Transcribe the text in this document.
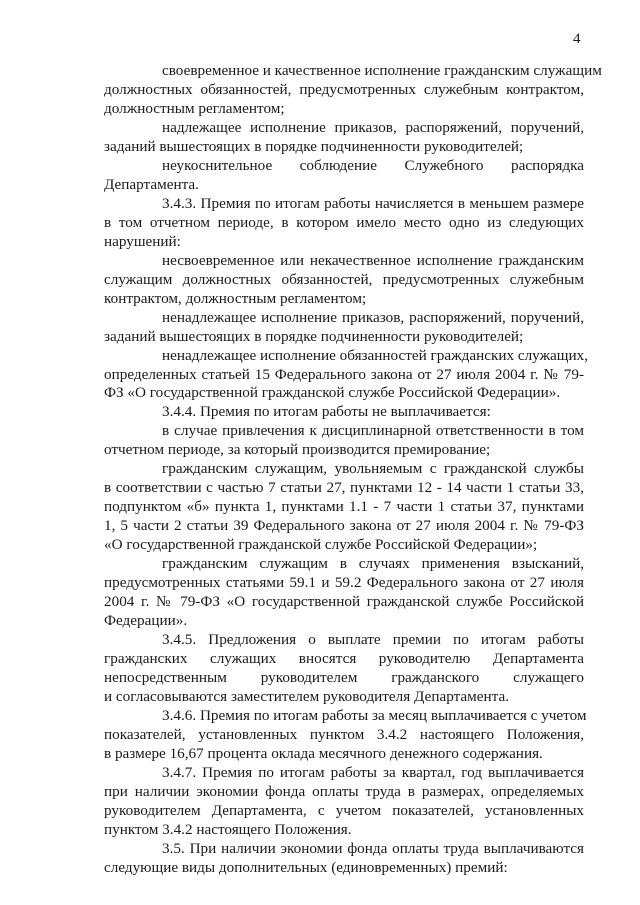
4
своевременное и качественное исполнение гражданским служащим
должностных обязанностей, предусмотренных служебным контрактом,
должностным регламентом;
надлежащее исполнение приказов, распоряжений, поручений,
заданий вышестоящих в порядке подчиненности руководителей;
неукоснительное соблюдение Служебного распорядка
Департамента.
3.4.3. Премия по итогам работы начисляется в меньшем размере
в том отчетном периоде, в котором имело место одно из следующих
нарушений:
несвоевременное или некачественное исполнение гражданским
служащим должностных обязанностей, предусмотренных служебным
контрактом, должностным регламентом;
ненадлежащее исполнение приказов, распоряжений, поручений,
заданий вышестоящих в порядке подчиненности руководителей;
ненадлежащее исполнение обязанностей гражданских служащих,
определенных статьей 15 Федерального закона от 27 июля 2004 г. № 79-
ФЗ «О государственной гражданской службе Российской Федерации».
3.4.4. Премия по итогам работы не выплачивается:
в случае привлечения к дисциплинарной ответственности в том
отчетном периоде, за который производится премирование;
гражданским служащим, увольняемым с гражданской службы
в соответствии с частью 7 статьи 27, пунктами 12 - 14 части 1 статьи 33,
подпунктом «б» пункта 1, пунктами 1.1 - 7 части 1 статьи 37, пунктами
1, 5 части 2 статьи 39 Федерального закона от 27 июля 2004 г. № 79-ФЗ
«О государственной гражданской службе Российской Федерации»;
гражданским служащим в случаях применения взысканий,
предусмотренных статьями 59.1 и 59.2 Федерального закона от 27 июля
2004 г. № 79-ФЗ «О государственной гражданской службе Российской
Федерации».
3.4.5. Предложения о выплате премии по итогам работы
гражданских служащих вносятся руководителю Департамента
непосредственным руководителем гражданского служащего
и согласовываются заместителем руководителя Департамента.
3.4.6. Премия по итогам работы за месяц выплачивается с учетом
показателей, установленных пунктом 3.4.2 настоящего Положения,
в размере 16,67 процента оклада месячного денежного содержания.
3.4.7. Премия по итогам работы за квартал, год выплачивается
при наличии экономии фонда оплаты труда в размерах, определяемых
руководителем Департамента, с учетом показателей, установленных
пунктом 3.4.2 настоящего Положения.
3.5. При наличии экономии фонда оплаты труда выплачиваются
следующие виды дополнительных (единовременных) премий:
